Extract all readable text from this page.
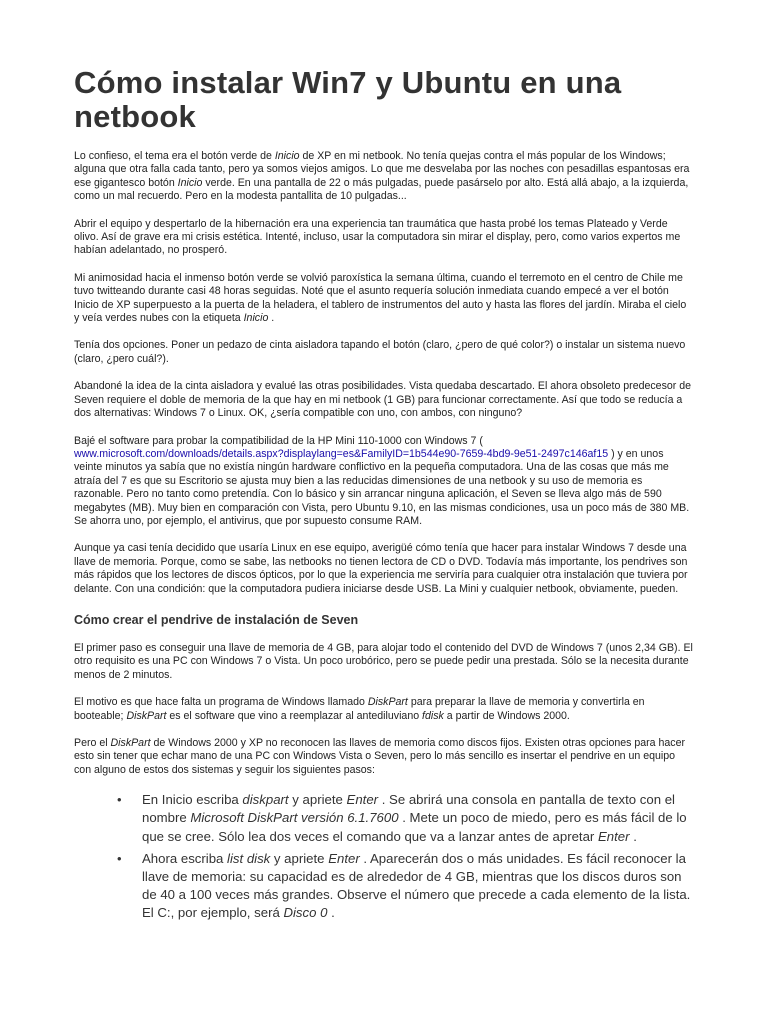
Cómo instalar Win7 y Ubuntu en una netbook

Lo confieso, el tema era el botón verde de Inicio de XP en mi netbook. No tenía quejas contra el más popular de los Windows; alguna que otra falla cada tanto, pero ya somos viejos amigos. Lo que me desvelaba por las noches con pesadillas espantosas era ese gigantesco botón Inicio verde. En una pantalla de 22 o más pulgadas, puede pasárselo por alto. Está allá abajo, a la izquierda, como un mal recuerdo. Pero en la modesta pantallita de 10 pulgadas...

Abrir el equipo y despertarlo de la hibernación era una experiencia tan traumática que hasta probé los temas Plateado y Verde olivo. Así de grave era mi crisis estética. Intenté, incluso, usar la computadora sin mirar el display, pero, como varios expertos me habían adelantado, no prosperó.

Mi animosidad hacia el inmenso botón verde se volvió paroxística la semana última, cuando el terremoto en el centro de Chile me tuvo twitteando durante casi 48 horas seguidas. Noté que el asunto requería solución inmediata cuando empecé a ver el botón Inicio de XP superpuesto a la puerta de la heladera, el tablero de instrumentos del auto y hasta las flores del jardín. Miraba el cielo y veía verdes nubes con la etiqueta Inicio .

Tenía dos opciones. Poner un pedazo de cinta aisladora tapando el botón (claro, ¿pero de qué color?) o instalar un sistema nuevo (claro, ¿pero cuál?).

Abandoné la idea de la cinta aisladora y evalué las otras posibilidades. Vista quedaba descartado. El ahora obsoleto predecesor de Seven requiere el doble de memoria de la que hay en mi netbook (1 GB) para funcionar correctamente. Así que todo se reducía a dos alternativas: Windows 7 o Linux. OK, ¿sería compatible con uno, con ambos, con ninguno?

Bajé el software para probar la compatibilidad de la HP Mini 110-1000 con Windows 7 ( www.microsoft.com/downloads/details.aspx?displaylang=es&FamilyID=1b544e90-7659-4bd9-9e51-2497c146af15 ) y en unos veinte minutos ya sabía que no existía ningún hardware conflictivo en la pequeña computadora. Una de las cosas que más me atraía del 7 es que su Escritorio se ajusta muy bien a las reducidas dimensiones de una netbook y su uso de memoria es razonable. Pero no tanto como pretendía. Con lo básico y sin arrancar ninguna aplicación, el Seven se lleva algo más de 590 megabytes (MB). Muy bien en comparación con Vista, pero Ubuntu 9.10, en las mismas condiciones, usa un poco más de 380 MB. Se ahorra uno, por ejemplo, el antivirus, que por supuesto consume RAM.

Aunque ya casi tenía decidido que usaría Linux en ese equipo, averigüé cómo tenía que hacer para instalar Windows 7 desde una llave de memoria. Porque, como se sabe, las netbooks no tienen lectora de CD o DVD. Todavía más importante, los pendrives son más rápidos que los lectores de discos ópticos, por lo que la experiencia me serviría para cualquier otra instalación que tuviera por delante. Con una condición: que la computadora pudiera iniciarse desde USB. La Mini y cualquier netbook, obviamente, pueden.

Cómo crear el pendrive de instalación de Seven

El primer paso es conseguir una llave de memoria de 4 GB, para alojar todo el contenido del DVD de Windows 7 (unos 2,34 GB). El otro requisito es una PC con Windows 7 o Vista. Un poco urobórico, pero se puede pedir una prestada. Sólo se la necesita durante menos de 2 minutos.

El motivo es que hace falta un programa de Windows llamado DiskPart para preparar la llave de memoria y convertirla en booteable; DiskPart es el software que vino a reemplazar al antediluviano fdisk a partir de Windows 2000.

Pero el DiskPart de Windows 2000 y XP no reconocen las llaves de memoria como discos fijos. Existen otras opciones para hacer esto sin tener que echar mano de una PC con Windows Vista o Seven, pero lo más sencillo es insertar el pendrive en un equipo con alguno de estos dos sistemas y seguir los siguientes pasos:

• En Inicio escriba diskpart y apriete Enter . Se abrirá una consola en pantalla de texto con el nombre Microsoft DiskPart versión 6.1.7600 . Mete un poco de miedo, pero es más fácil de lo que se cree. Sólo lea dos veces el comando que va a lanzar antes de apretar Enter .
• Ahora escriba list disk y apriete Enter . Aparecerán dos o más unidades. Es fácil reconocer la llave de memoria: su capacidad es de alrededor de 4 GB, mientras que los discos duros son de 40 a 100 veces más grandes. Observe el número que precede a cada elemento de la lista. El C:, por ejemplo, será Disco 0 .
